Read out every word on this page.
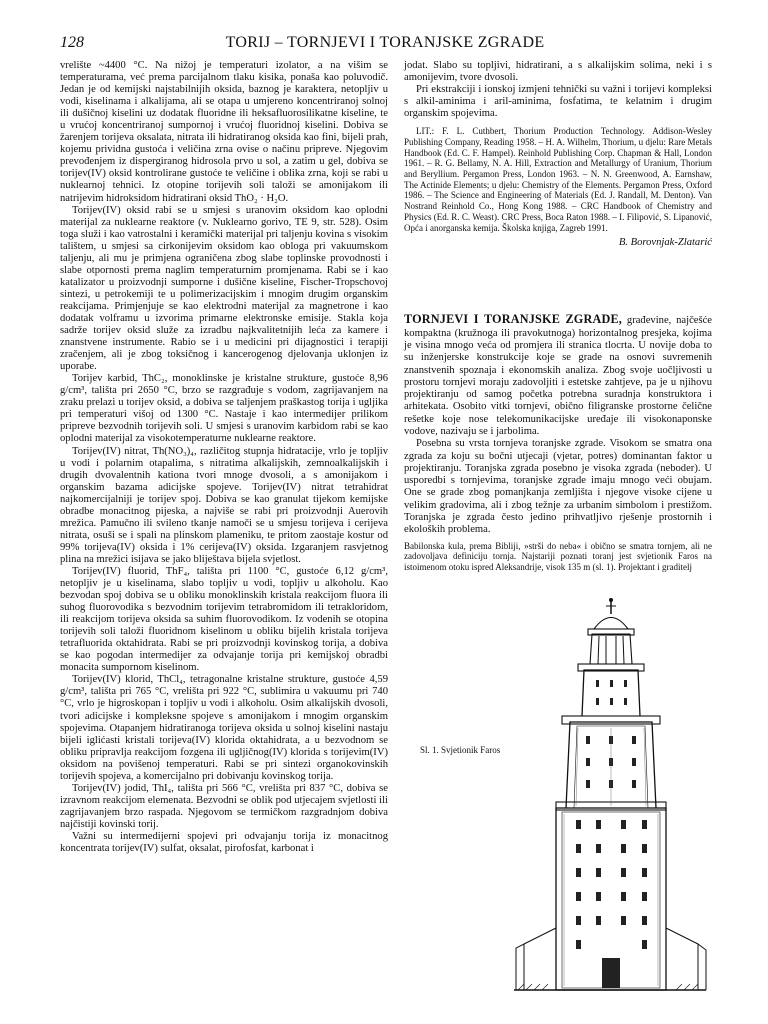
128	TORIJ – TORNJEVI I TORANJSKE ZGRADE

vrelište ~4400 °C. Na nižoj je temperaturi izolator, a na višim se temperaturama, već prema parcijalnom tlaku kisika, ponaša kao poluvodič. Jedan je od kemijski najstabilnijih oksida, baznog je karaktera, netopljiv u vodi, kiselinama i alkalijama, ali se otapa u umjereno koncentriranoj solnoj ili dušičnoj kiselini uz dodatak fluoridne ili heksafluorosilikatne kiseline, te u vrućoj koncentriranoj sumpornoj i vrućoj fluoridnoj kiselini. Dobiva se žarenjem torijeva oksalata, nitrata ili hidratiranog oksida kao fini, bijeli prah, kojemu prividna gustoća i veličina zrna ovise o načinu pripreve. Njegovim prevođenjem iz dispergiranog hidrosola prvo u sol, a zatim u gel, dobiva se torijev(IV) oksid kontrolirane gustoće te veličine i oblika zrna, koji se rabi u nuklearnoj tehnici. Iz otopine torijevih soli taloži se amonijakom ili natrijevim hidroksidom hidratirani oksid ThO₂ · H₂O.

Torijev(IV) oksid rabi se u smjesi s uranovim oksidom kao oplodni materijal za nuklearne reaktore (v. Nuklearno gorivo, TE 9, str. 528). Osim toga služi i kao vatrostalni i keramički materijal pri taljenju kovina s visokim talištem, u smjesi sa cirkonijevim oksidom kao obloga pri vakuumskom taljenju, ali mu je primjena ograničena zbog slabe toplinske provodnosti i slabe otpornosti prema naglim temperaturnim promjenama. Rabi se i kao katalizator u proizvodnji sumporne i dušične kiseline, Fischer-Tropschovoj sintezi, u petrokemiji te u polimerizacijskim i mnogim drugim organskim reakcijama. Primjenjuje se kao elektrodni materijal za magnetrone i kao dodatak volframu u izvorima primarne elektronske emisije. Stakla koja sadrže torijev oksid služe za izradbu najkvalitetnijih leća za kamere i znanstvene instrumente. Rabio se i u medicini pri dijagnostici i terapiji zračenjem, ali je zbog toksičnog i kancerogenog djelovanja uklonjen iz uporabe.

Torijev karbid, ThC₂, monoklinske je kristalne strukture, gustoće 8,96 g/cm³, tališta pri 2650 °C, brzo se razgrađuje s vodom, zagrijavanjem na zraku prelazi u torijev oksid, a dobiva se taljenjem praškastog torija i ugljika pri temperaturi višoj od 1300 °C. Nastaje i kao intermedijer prilikom pripreve bezvodnih torijevih soli. U smjesi s uranovim karbidom rabi se kao oplodni materijal za visokotemperaturne nuklearne reaktore.

Torijev(IV) nitrat, Th(NO₃)₄, različitog stupnja hidratacije, vrlo je topljiv u vodi i polarnim otapalima, s nitratima alkalijskih, zemnoalkalijskih i drugih dvovalentnih kationa tvori mnoge dvosoli, a s amonijakom i organskim bazama adicijske spojeve. Torijev(IV) nitrat tetrahidrat najkomercijalniji je torijev spoj. Dobiva se kao granulat tijekom kemijske obradbe monacitnog pijeska, a najviše se rabi pri proizvodnji Auerovih mrežica. Pamučno ili svileno tkanje namoči se u smjesu torijeva i cerijeva nitrata, osuši se i spali na plinskom plameniku, te pritom zaostaje kostur od 99% torijeva(IV) oksida i 1% cerijeva(IV) oksida. Izgaranjem rasvjetnog plina na mrežici isijava se jako bliještava bijela svjetlost.

Torijev(IV) fluorid, ThF₄, tališta pri 1100 °C, gustoće 6,12 g/cm³, netopljiv je u kiselinama, slabo topljiv u vodi, topljiv u alkoholu. Kao bezvodan spoj dobiva se u obliku monoklinskih kristala reakcijom fluora ili suhog fluorovodika s bezvodnim torijevim tetrabromidom ili tetrakloridom, ili reakcijom torijeva oksida sa suhim fluorovodikom. Iz vodenih se otopina torijevih soli taloži fluoridnom kiselinom u obliku bijelih kristala torijeva tetrafluorida oktahidrata. Rabi se pri proizvodnji kovinskog torija, a dobiva se kao pogodan intermedijer za odvajanje torija pri kemijskoj obradbi monacita sumpornom kiselinom.

Torijev(IV) klorid, ThCl₄, tetragonalne kristalne strukture, gustoće 4,59 g/cm³, tališta pri 765 °C, vrelišta pri 922 °C, sublimira u vakuumu pri 740 °C, vrlo je higroskopan i topljiv u vodi i alkoholu. Osim alkalijskih dvosoli, tvori adicijske i kompleksne spojeve s amonijakom i mnogim organskim spojevima. Otapanjem hidratiranoga torijeva oksida u solnoj kiselini nastaju bijeli iglićasti kristali torijeva(IV) klorida oktahidrata, a u bezvodnom se obliku pripravlja reakcijom fozgena ili ugljičnog(IV) klorida s torijevim(IV) oksidom na povišenoj temperaturi. Rabi se pri sintezi organokovinskih torijevih spojeva, a komercijalno pri dobivanju kovinskog torija.

Torijev(IV) jodid, ThI₄, tališta pri 566 °C, vrelišta pri 837 °C, dobiva se izravnom reakcijom elemenata. Bezvodni se oblik pod utjecajem svjetlosti ili zagrijavanjem brzo raspada. Njegovom se termičkom razgradnjom dobiva najčistiji kovinski torij.

Važni su intermedijerni spojevi pri odvajanju torija iz monacitnog koncentrata torijev(IV) sulfat, oksalat, pirofosfat, karbonat i

jodat. Slabo su topljivi, hidratirani, a s alkalijskim solima, neki i s amonijevim, tvore dvosoli.

Pri ekstrakciji i ionskoj izmjeni tehnički su važni i torijevi kompleksi s alkil-aminima i aril-aminima, fosfatima, te kelatnim i drugim organskim spojevima.

LIT.: F. L. Cuthbert, Thorium Production Technology. Addison-Wesley Publishing Company, Reading 1958. – H. A. Wilhelm, Thorium, u djelu: Rare Metals Handbook (Ed. C. F. Hampel). Reinhold Publishing Corp. Chapman & Hall, London 1961. – R. G. Bellamy, N. A. Hill, Extraction and Metallurgy of Uranium, Thorium and Beryllium. Pergamon Press, London 1963. – N. N. Greenwood, A. Earnshaw, The Actinide Elements; u djelu: Chemistry of the Elements. Pergamon Press, Oxford 1986. – The Science and Engineering of Materials (Ed. J. Randall, M. Denton). Van Nostrand Reinhold Co., Hong Kong 1988. – CRC Handbook of Chemistry and Physics (Ed. R. C. Weast). CRC Press, Boca Raton 1988. – I. Filipović, S. Lipanović, Opća i anorganska kemija. Školska knjiga, Zagreb 1991.

B. Borovnjak-Zlatarić

TORNJEVI I TORANJSKE ZGRADE, građevine, najčešće kompaktna (kružnoga ili pravokutnoga) horizontalnog presjeka, kojima je visina mnogo veća od promjera ili stranica tlocrta. U novije doba to su inženjerske konstrukcije koje se grade na osnovi suvremenih znanstvenih spoznaja i ekonomskih analiza. Zbog svoje uočljivosti u prostoru tornjevi moraju zadovoljiti i estetske zahtjeve, pa je u njihovu projektiranju od samog početka potrebna suradnja konstruktora i arhitekata. Osobito vitki tornjevi, obično filigranske prostorne čelične rešetke koje nose telekomunikacijske uređaje ili visokonaponske vodove, nazivaju se i jarbolima.

Posebna su vrsta tornjeva toranjske zgrade. Visokom se smatra ona zgrada za koju su bočni utjecaji (vjetar, potres) dominantan faktor u projektiranju. Toranjska zgrada posebno je visoka zgrada (neboder). U usporedbi s tornjevima, toranjske zgrade imaju mnogo veći obujam. One se grade zbog pomanjkanja zemljišta i njegove visoke cijene u velikim gradovima, ali i zbog težnje za urbanim simbolom i prestižom. Toranjska je zgrada često jedino prihvatljivo rješenje prostornih i ekoloških problema.

Babilonska kula, prema Bibliji, »strši do neba« i obično se smatra tornjem, ali ne zadovoljava definiciju tornja. Najstariji poznati toranj jest svjetionik Faros na istoimenom otoku ispred Aleksandrije, visok 135 m (sl. 1). Projektant i graditelj

Sl. 1. Svjetionik Faros
